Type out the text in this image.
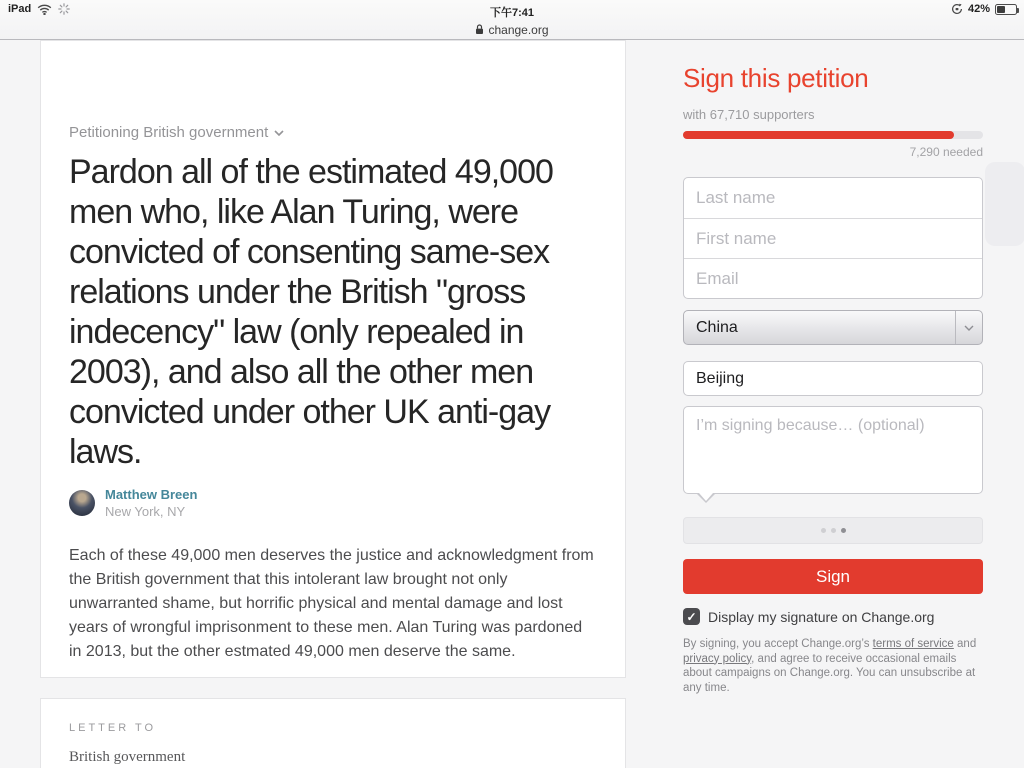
iPad	下午7:41	42%
change.org
Petitioning British government
Pardon all of the estimated 49,000 men who, like Alan Turing, were convicted of consenting same-sex relations under the British "gross indecency" law (only repealed in 2003), and also all the other men convicted under other UK anti-gay laws.
Matthew Breen
New York, NY

Each of these 49,000 men deserves the justice and acknowledgment from the British government that this intolerant law brought not only unwarranted shame, but horrific physical and mental damage and lost years of wrongful imprisonment to these men. Alan Turing was pardoned in 2013, but the other estmated 49,000 men deserve the same.

LETTER TO
British government
Sign this petition
with 67,710 supporters
7,290 needed
Last name
First name
Email
China
Beijing
I’m signing because… (optional)
Sign
✓ Display my signature on Change.org

By signing, you accept Change.org’s terms of service and privacy policy, and agree to receive occasional emails about campaigns on Change.org. You can unsubscribe at any time.
